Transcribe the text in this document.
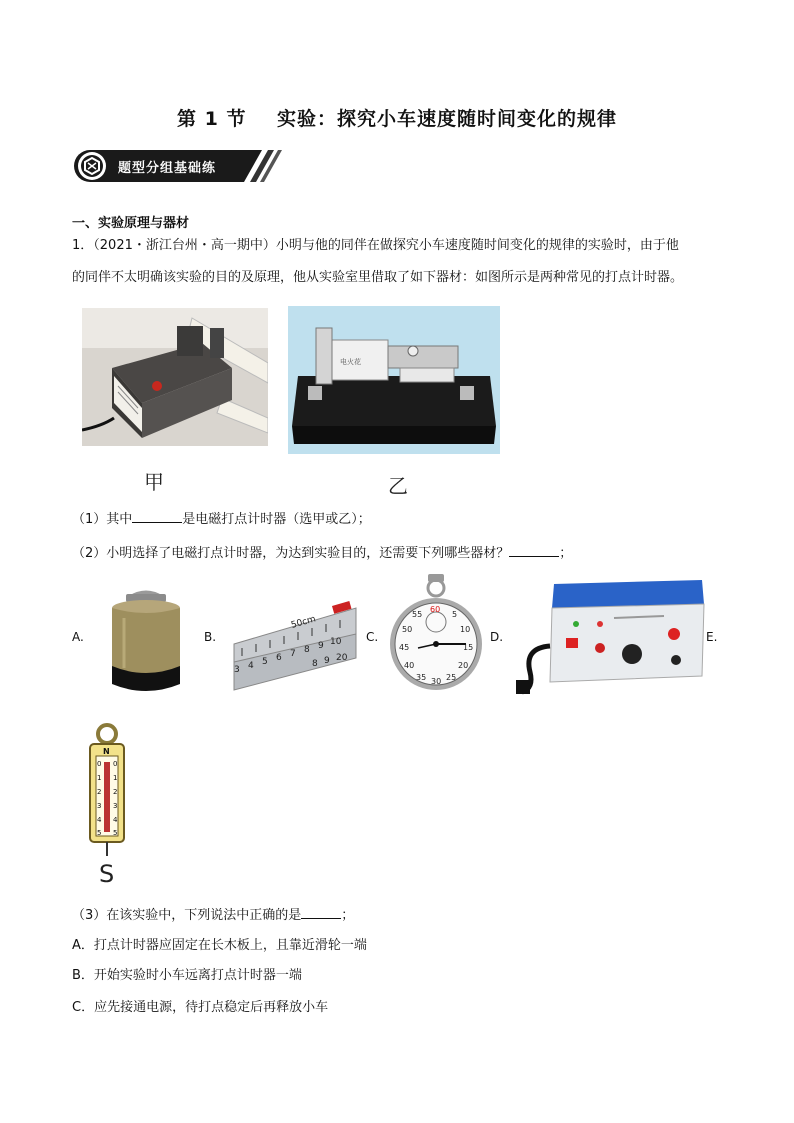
第 1 节    实验：探究小车速度随时间变化的规律
题型分组基础练
一、实验原理与器材
1．（2021・浙江台州・高一期中）小明与他的同伴在做探究小车速度随时间变化的规律的实验时，由于他
的同伴不太明确该实验的目的及原理，他从实验室里借取了如下器材：如图所示是两种常见的打点计时器。
电火花
甲	乙
（1）其中	是电磁打点计时器（选甲或乙）；
（2）小明选择了电磁打点计时器，为达到实验目的，还需要下列哪些器材？	；
A.	B.	C.	D.	E.
3 4 5 6 7 8 9 10
50cm
8 9 20
60
55	5
50	10
45	15
40	20
35 25
30
N
0
1
2
3
4
5
0
1
2
3
4
5
S
（3）在该实验中，下列说法中正确的是	；
A．打点计时器应固定在长木板上，且靠近滑轮一端
B．开始实验时小车远离打点计时器一端
C．应先接通电源，待打点稳定后再释放小车
